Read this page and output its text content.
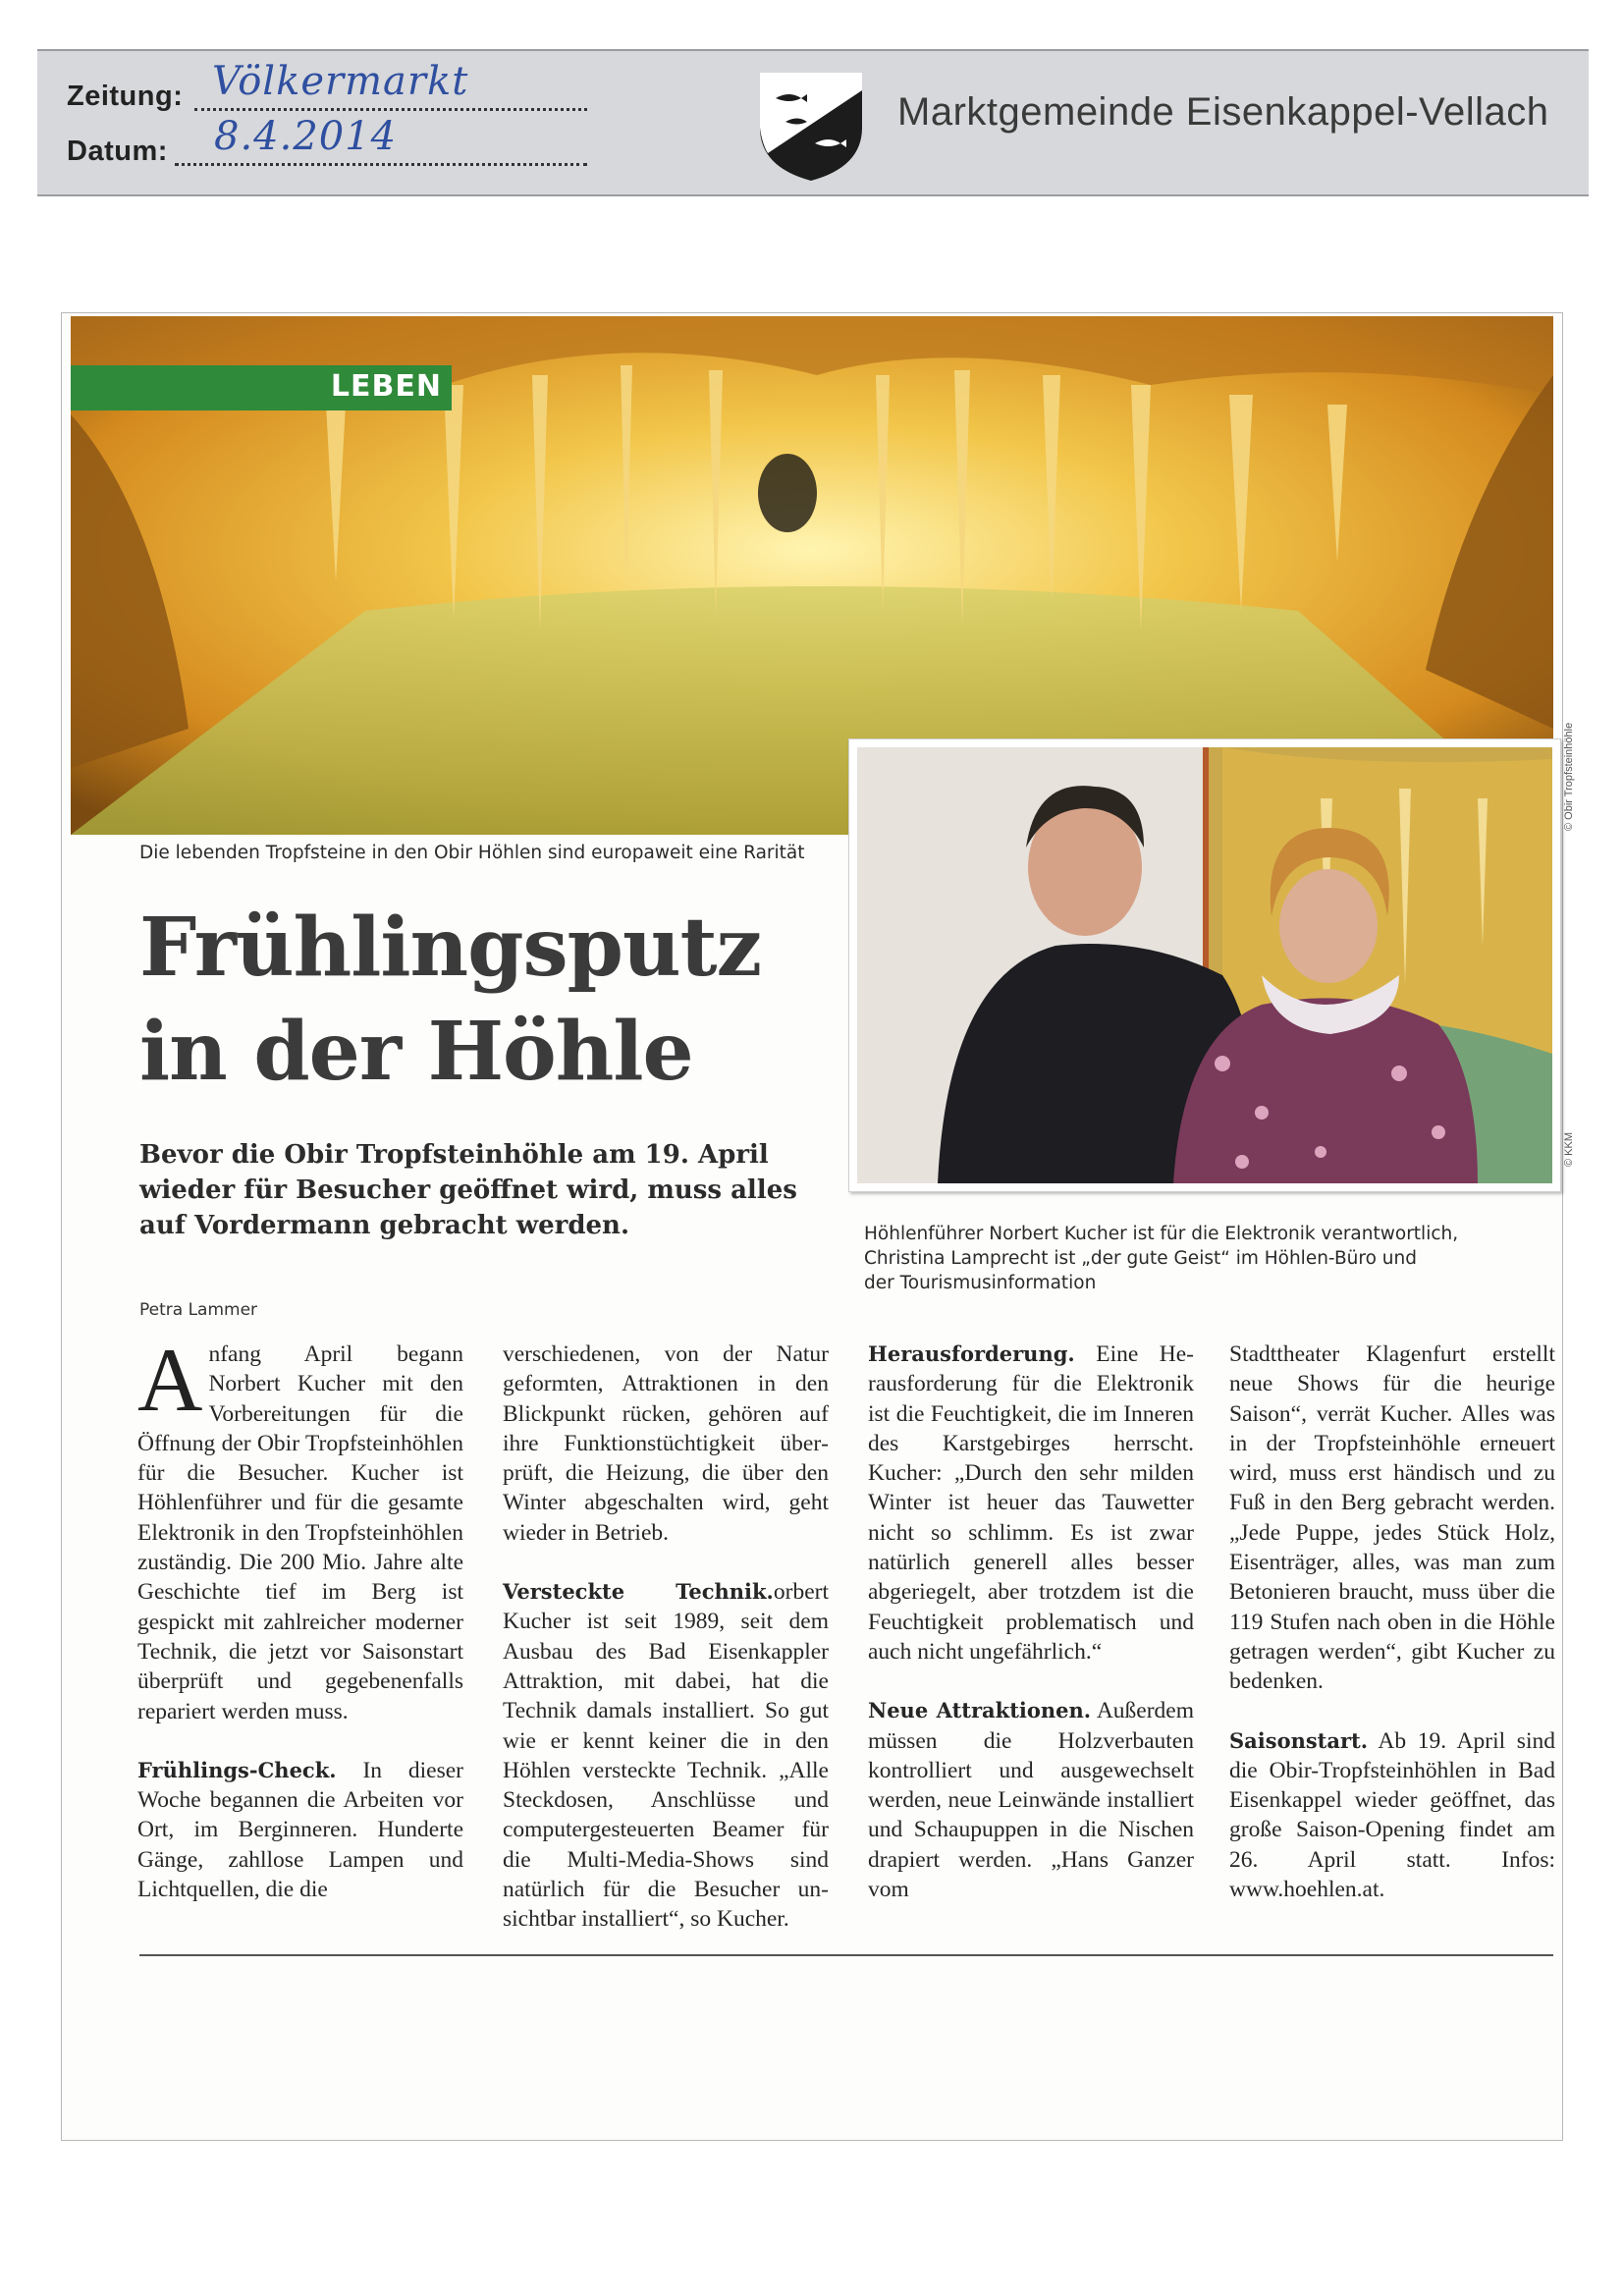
Zeitung: Völkermarkt
Datum: 8.4.2014
Marktgemeinde Eisenkappel-Vellach
LEBEN
© Obir Tropfsteinhöhle
Die lebenden Tropfsteine in den Obir Höhlen sind europaweit eine Rarität
© KKM
Höhlenführer Norbert Kucher ist für die Elektronik verantwortlich,
Christina Lamprecht ist „der gute Geist“ im Höhlen-Büro und
der Tourismusinformation
Frühlingsputz
in der Höhle
Bevor die Obir Tropfsteinhöhle am 19. April
wieder für Besucher geöffnet wird, muss alles
auf Vordermann gebracht werden.
Petra Lammer

Anfang April begann Norbert Kucher mit den Vorbereitungen für die Öffnung der Obir Tropfsteinhöhlen für die Besucher. Kucher ist Höhlenführer und für die gesamte Elektronik in den Tropfsteinhöhlen zuständig. Die 200 Mio. Jahre alte Geschichte tief im Berg ist gespickt mit zahlreicher moderner Technik, die jetzt vor Saisonstart überprüft und gegebenenfalls repariert werden muss.

Frühlings-Check. In dieser Woche begannen die Arbeiten vor Ort, im Berginneren. Hunderte Gänge, zahllose Lampen und Lichtquellen, die die

verschiedenen, von der Natur geformten, Attraktionen in den Blickpunkt rücken, gehören auf ihre Funktionstüchtigkeit überprüft, die Heizung, die über den Winter abgeschalten wird, geht wieder in Betrieb.

Versteckte Technik.orbert Kucher ist seit 1989, seit dem Ausbau des Bad Eisenkappler Attraktion, mit dabei, hat die Technik damals installiert. So gut wie er kennt keiner die in den Höhlen versteckte Technik. „Alle Steckdosen, Anschlüsse und computergesteuerten Beamer für die Multi-Media-Shows sind natürlich für die Besucher unsichtbar installiert“, so Kucher.

Herausforderung. Eine Herausforderung für die Elektronik ist die Feuchtigkeit, die im Inneren des Karstgebirges herrscht. Kucher: „Durch den sehr milden Winter ist heuer das Tauwetter nicht so schlimm. Es ist zwar natürlich generell alles besser abgeriegelt, aber trotzdem ist die Feuchtigkeit problematisch und auch nicht ungefährlich.“

Neue Attraktionen. Außerdem müssen die Holzverbauten kontrolliert und ausgewechselt werden, neue Leinwände installiert und Schaupuppen in die Nischen drapiert werden. „Hans Ganzer vom

Stadttheater Klagenfurt erstellt neue Shows für die heurige Saison“, verrät Kucher. Alles was in der Tropfsteinhöhle erneuert wird, muss erst händisch und zu Fuß in den Berg gebracht werden. „Jede Puppe, jedes Stück Holz, Eisenträger, alles, was man zum Betonieren braucht, muss über die 119 Stufen nach oben in die Höhle getragen werden“, gibt Kucher zu bedenken.

Saisonstart. Ab 19. April sind die Obir-Tropfsteinhöhlen in Bad Eisenkappel wieder geöffnet, das große Saison-Opening findet am 26. April statt. Infos: www.hoehlen.at.
